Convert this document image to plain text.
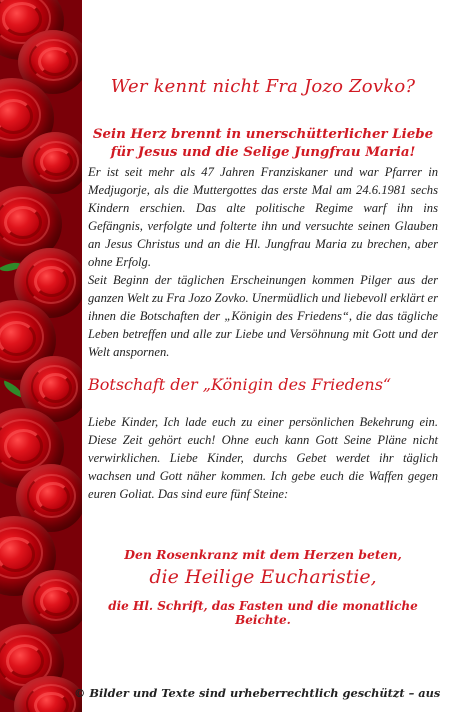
Wer kennt nicht Fra Jozo Zovko?
Sein Herz brennt in unerschütterlicher Liebe
für Jesus und die Selige Jungfrau Maria!

Er ist seit mehr als 47 Jahren Franziskaner und war Pfarrer in Medjugorje, als die Muttergottes das erste Mal am 24.6.1981 sechs Kindern erschien. Das alte politische Regime warf ihn ins Gefängnis, verfolgte und folterte ihn und versuchte seinen Glauben an Jesus Christus und an die Hl. Jungfrau Maria zu brechen, aber ohne Erfolg.

Seit Beginn der täglichen Erscheinungen kommen Pilger aus der ganzen Welt zu Fra Jozo Zovko. Unermüdlich und liebevoll erklärt er ihnen die Botschaften der „Königin des Friedens“, die das tägliche Leben betreffen und alle zur Liebe und Versöhnung mit Gott und der Welt anspornen.

Botschaft der „Königin des Friedens“

Liebe Kinder, Ich lade euch zu einer persönlichen Bekehrung ein. Diese Zeit gehört euch! Ohne euch kann Gott Seine Pläne nicht verwirklichen. Liebe Kinder, durchs Gebet werdet ihr täglich wachsen und Gott näher kommen. Ich gebe euch die Waffen gegen euren Goliat. Das sind eure fünf Steine:

Den Rosenkranz mit dem Herzen beten,
die Heilige Eucharistie,
die Hl. Schrift, das Fasten und die monatliche Beichte.
© Bilder und Texte sind urheberrechtlich geschützt – aus
